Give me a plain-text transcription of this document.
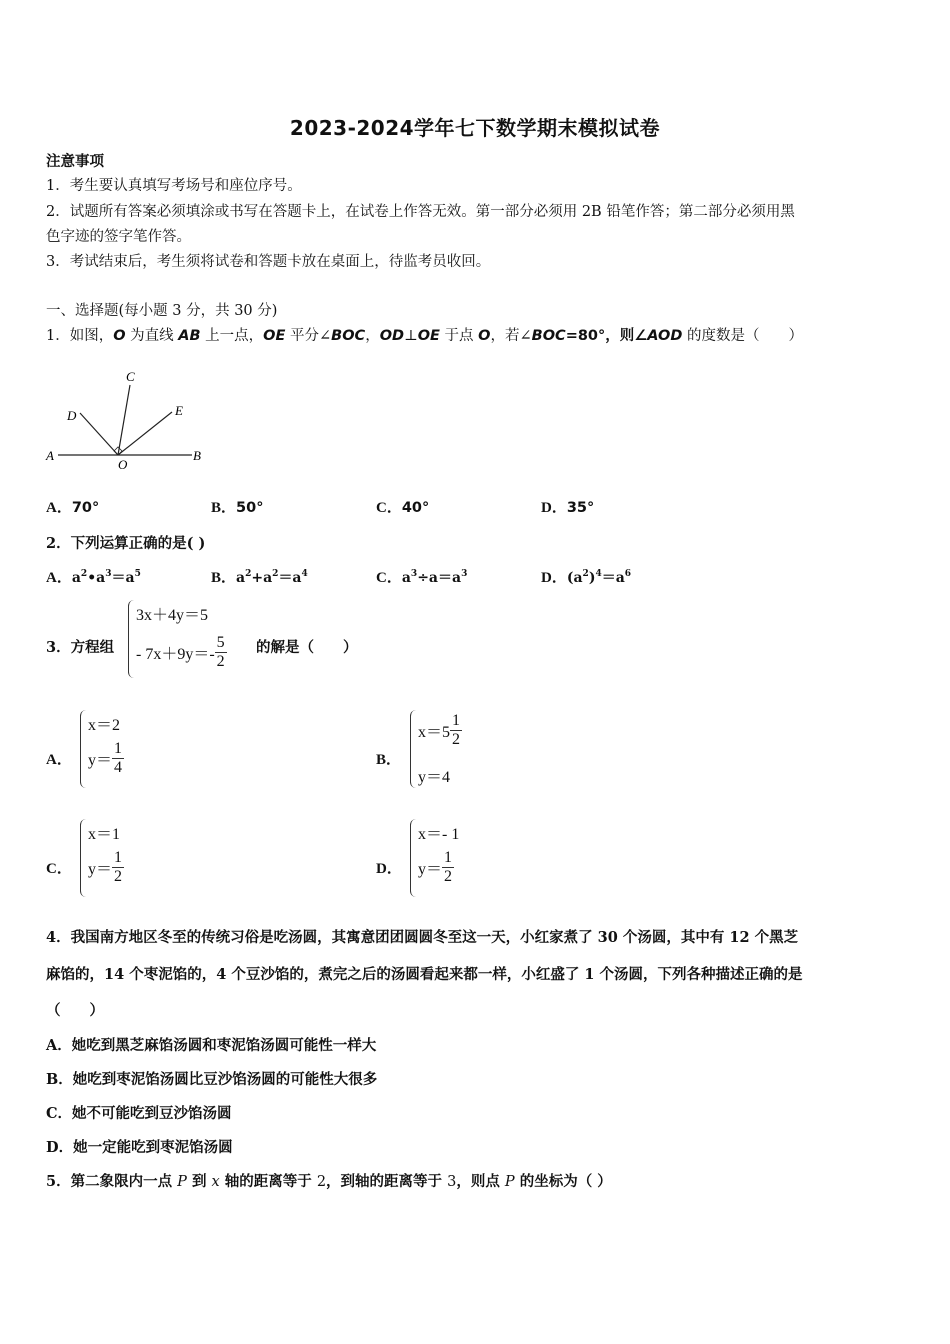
2023-2024学年七下数学期末模拟试卷
注意事项
1．考生要认真填写考场号和座位序号。
2．试题所有答案必须填涂或书写在答题卡上，在试卷上作答无效。第一部分必须用 2B 铅笔作答；第二部分必须用黑
色字迹的签字笔作答。
3．考试结束后，考生须将试卷和答题卡放在桌面上，待监考员收回。
一、选择题(每小题 3 分，共 30 分)
1．如图，O 为直线 AB 上一点，OE 平分∠BOC，OD⊥OE 于点 O，若∠BOC=80°，则∠AOD 的度数是（　　）
A	B
C
D	E
O
A．70°	B．50°	C．40°	D．35°
2．下列运算正确的是( )
A．$a^2•a^3=a^5$	B．$a^2+a^2=a^4$	C．$a^3\div a=a^3$	D．$(a^2)^4=a^6$
3．方程组
3x＋4y＝5
- $7x+9y=- \frac{5}{2}$ 的解是（　　）
A．
x＝2
$y= \frac{1}{4}$	B．
$x=5 \frac{1}{2}$
y＝4
C．
x＝1
$y= \frac{1}{2}$	D．
x＝- 1
$y= \frac{1}{2}$
4．我国南方地区冬至的传统习俗是吃汤圆，其寓意团团圆圆冬至这一天，小红家煮了 30 个汤圆，其中有 12 个黑芝
麻馅的，14 个枣泥馅的，4 个豆沙馅的，煮完之后的汤圆看起来都一样，小红盛了 1 个汤圆，下列各种描述正确的是
（　　）
A．她吃到黑芝麻馅汤圆和枣泥馅汤圆可能性一样大
B．她吃到枣泥馅汤圆比豆沙馅汤圆的可能性大很多
C．她不可能吃到豆沙馅汤圆
D．她一定能吃到枣泥馅汤圆
5．第二象限内一点 P 到 x 轴的距离等于 2，到轴的距离等于 3，则点 P 的坐标为（ ）
